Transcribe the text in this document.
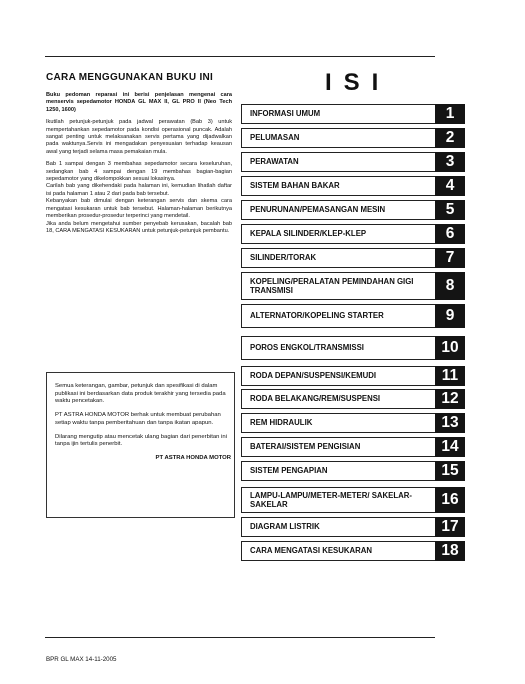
CARA MENGGUNAKAN BUKU INI

Buku pedoman reparasi ini berisi penjelasan mengenai cara menservis sepedamotor HONDA GL MAX II, GL PRO II (Neo Tech 1250, 1600)

Ikutilah petunjuk-petunjuk pada jadwal perawatan (Bab 3) untuk mempertahankan sepedamotor pada kondisi operasional puncak. Adalah sangat penting untuk melaksanakan servis pertama yang dijadwalkan pada waktunya.Servis ini mengadakan penyesuaian terhadap keausan awal yang terjadi selama masa pemakaian mula.

Bab 1 sampai dengan 3 membahas sepedamotor secara keseluruhan, sedangkan bab 4 sampai dengan 19 membahas bagian-bagian sepedamotor yang dikelompokkan sesuai lokasinya.

Carilah bab yang dikehendaki pada halaman ini, kemudian lihatlah daftar isi pada halaman 1 atau 2 dari pada bab tersebut.

Kebanyakan bab dimulai dengan keterangan servis dan skema cara mengatasi kesukaran untuk bab tersebut. Halaman-halaman berikutnya memberikan prosedur-prosedur terperinci yang mendetail.

Jika anda belum mengetahui sumber penyebab kerusakan, bacalah bab 18, CARA MENGATASI KESUKARAN untuk petunjuk-petunjuk pembantu.

Semua keterangan, gambar, petunjuk dan spesifikasi di dalam publikasi ini berdasarkan data produk terakhir yang tersedia pada waktu pencetakan.

PT ASTRA HONDA MOTOR berhak untuk membuat perubahan setiap waktu tanpa pemberitahuan dan tanpa ikatan apapun.

Dilarang mengutip atau mencetak ulang bagian dari penerbitan ini tanpa ijin tertulis penerbit.

PT ASTRA HONDA MOTOR
ISI
INFORMASI UMUM	1
PELUMASAN	2
PERAWATAN	3
SISTEM BAHAN BAKAR	4
PENURUNAN/PEMASANGAN MESIN	5
KEPALA SILINDER/KLEP-KLEP	6
SILINDER/TORAK	7
KOPELING/PERALATAN PEMINDAHAN GIGI TRANSMISI	8
ALTERNATOR/KOPELING STARTER	9
POROS ENGKOL/TRANSMISSI	10
RODA DEPAN/SUSPENSI/KEMUDI	11
RODA BELAKANG/REM/SUSPENSI	12
REM HIDRAULIK	13
BATERAI/SISTEM PENGISIAN	14
SISTEM PENGAPIAN	15
LAMPU-LAMPU/METER-METER/ SAKELAR-SAKELAR	16
DIAGRAM LISTRIK	17
CARA MENGATASI KESUKARAN	18
BPR GL MAX 14-11-2005
